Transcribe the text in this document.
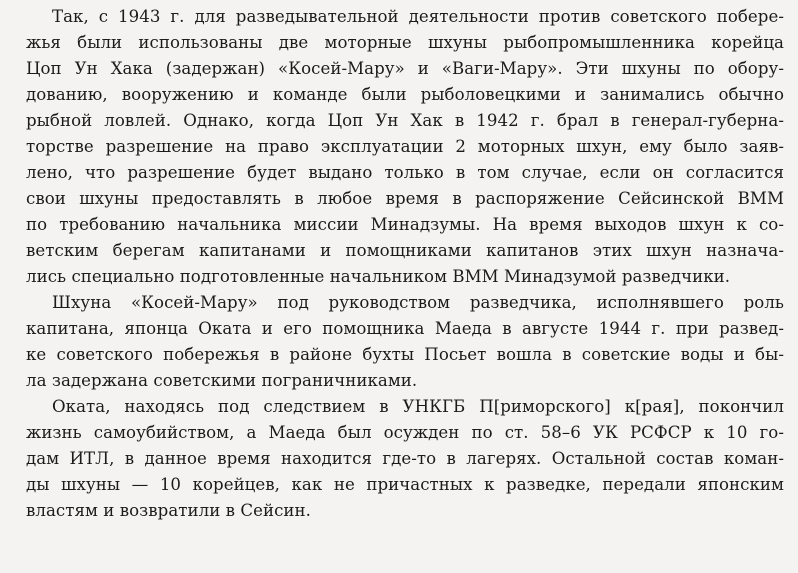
Так, с 1943 г. для разведывательной деятельности против советского побере-
жья были использованы две моторные шхуны рыбопромышленника корейца
Цоп Ун Хака (задержан) «Косей-Мару» и «Ваги-Мару». Эти шхуны по обору-
дованию, вооружению и команде были рыболовецкими и занимались обычно
рыбной ловлей. Однако, когда Цоп Ун Хак в 1942 г. брал в генерал-губерна-
торстве разрешение на право эксплуатации 2 моторных шхун, ему было заяв-
лено, что разрешение будет выдано только в том случае, если он согласится
свои шхуны предоставлять в любое время в распоряжение Сейсинской ВММ
по требованию начальника миссии Минадзумы. На время выходов шхун к со-
ветским берегам капитанами и помощниками капитанов этих шхун назнача-
лись специально подготовленные начальником ВММ Минадзумой разведчики.

Шхуна «Косей-Мару» под руководством разведчика, исполнявшего роль
капитана, японца Оката и его помощника Маеда в августе 1944 г. при развед-
ке советского побережья в районе бухты Посьет вошла в советские воды и бы-
ла задержана советскими пограничниками.

Оката, находясь под следствием в УНКГБ П[риморского] к[рая], покончил
жизнь самоубийством, а Маеда был осужден по ст. 58–6 УК РСФСР к 10 го-
дам ИТЛ, в данное время находится где-то в лагерях. Остальной состав коман-
ды шхуны — 10 корейцев, как не причастных к разведке, передали японским
властям и возвратили в Сейсин.
